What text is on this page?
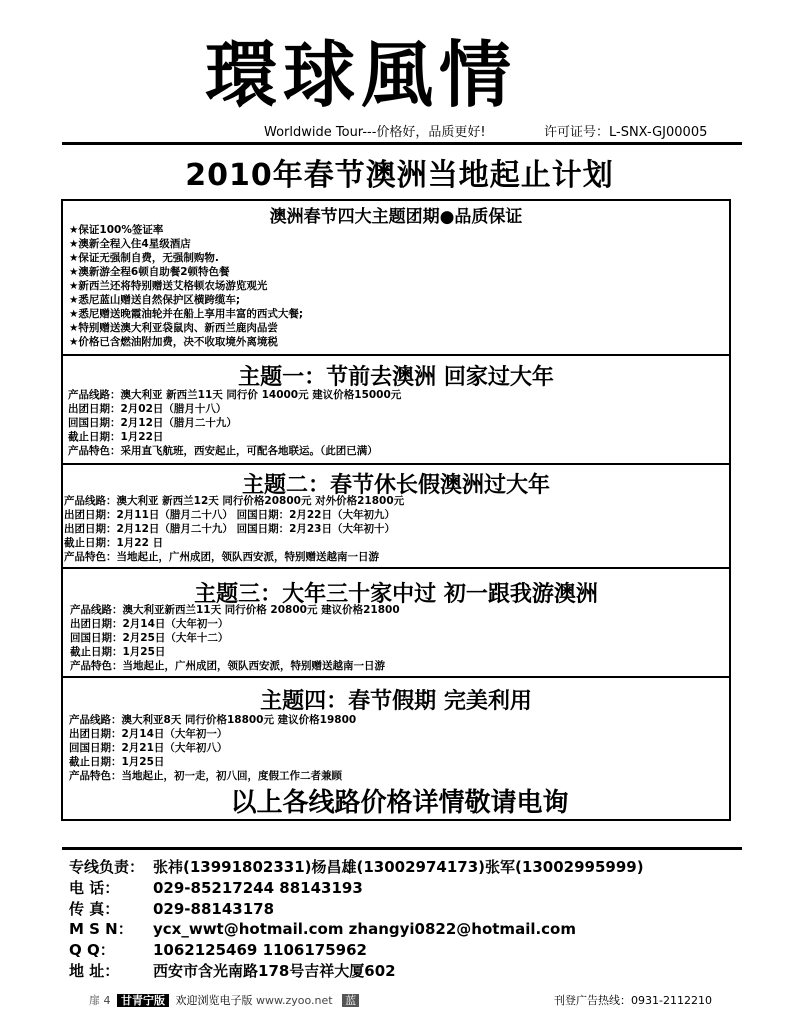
環球風情
Worldwide Tour---价格好，品质更好!	许可证号：L-SNX-GJ00005
2010年春节澳洲当地起止计划
澳洲春节四大主题团期●品质保证
★保证100%签证率
★澳新全程入住4星级酒店
★保证无强制自费，无强制购物.
★澳新游全程6顿自助餐2顿特色餐
★新西兰还将特别赠送艾格顿农场游览观光
★悉尼蓝山赠送自然保护区横跨缆车;
★悉尼赠送晚霞油轮并在船上享用丰富的西式大餐;
★特别赠送澳大利亚袋鼠肉、新西兰鹿肉品尝
★价格已含燃油附加费，决不收取境外离境税
主题一：节前去澳洲 回家过大年
产品线路：澳大利亚 新西兰11天 同行价 14000元 建议价格15000元
出团日期：2月02日（腊月十八）
回国日期：2月12日（腊月二十九）
截止日期：1月22日
产品特色：采用直飞航班，西安起止，可配各地联运。（此团已满）
主题二：春节休长假澳洲过大年
产品线路：澳大利亚 新西兰12天 同行价格20800元 对外价格21800元
出团日期：2月11日（腊月二十八） 回国日期：2月22日（大年初九）
出团日期：2月12日（腊月二十九） 回国日期：2月23日（大年初十）
截止日期：1月22 日
产品特色：当地起止，广州成团，领队西安派，特别赠送越南一日游
主题三：大年三十家中过 初一跟我游澳洲
产品线路：澳大利亚新西兰11天 同行价格 20800元 建议价格21800
出团日期：2月14日（大年初一）
回国日期：2月25日（大年十二）
截止日期：1月25日
产品特色：当地起止，广州成团，领队西安派，特别赠送越南一日游
主题四：春节假期 完美利用
产品线路：澳大利亚8天 同行价格18800元 建议价格19800
出团日期：2月14日（大年初一）
回国日期：2月21日（大年初八）
截止日期：1月25日
产品特色：当地起止，初一走，初八回，度假工作二者兼顾
以上各线路价格详情敬请电询
专线负责： 张祎(13991802331)杨昌雄(13002974173)张军(13002995999)
电 话： 029-85217244 88143193
传 真： 029-88143178
M S N： ycx_wwt@hotmail.com zhangyi0822@hotmail.com
Q Q：	1062125469 1106175962
地 址： 西安市含光南路178号吉祥大厦602
扉 4 甘青宁版 欢迎浏览电子版 www.zyoo.net 蓝	刊登广告热线：0931-2112210
